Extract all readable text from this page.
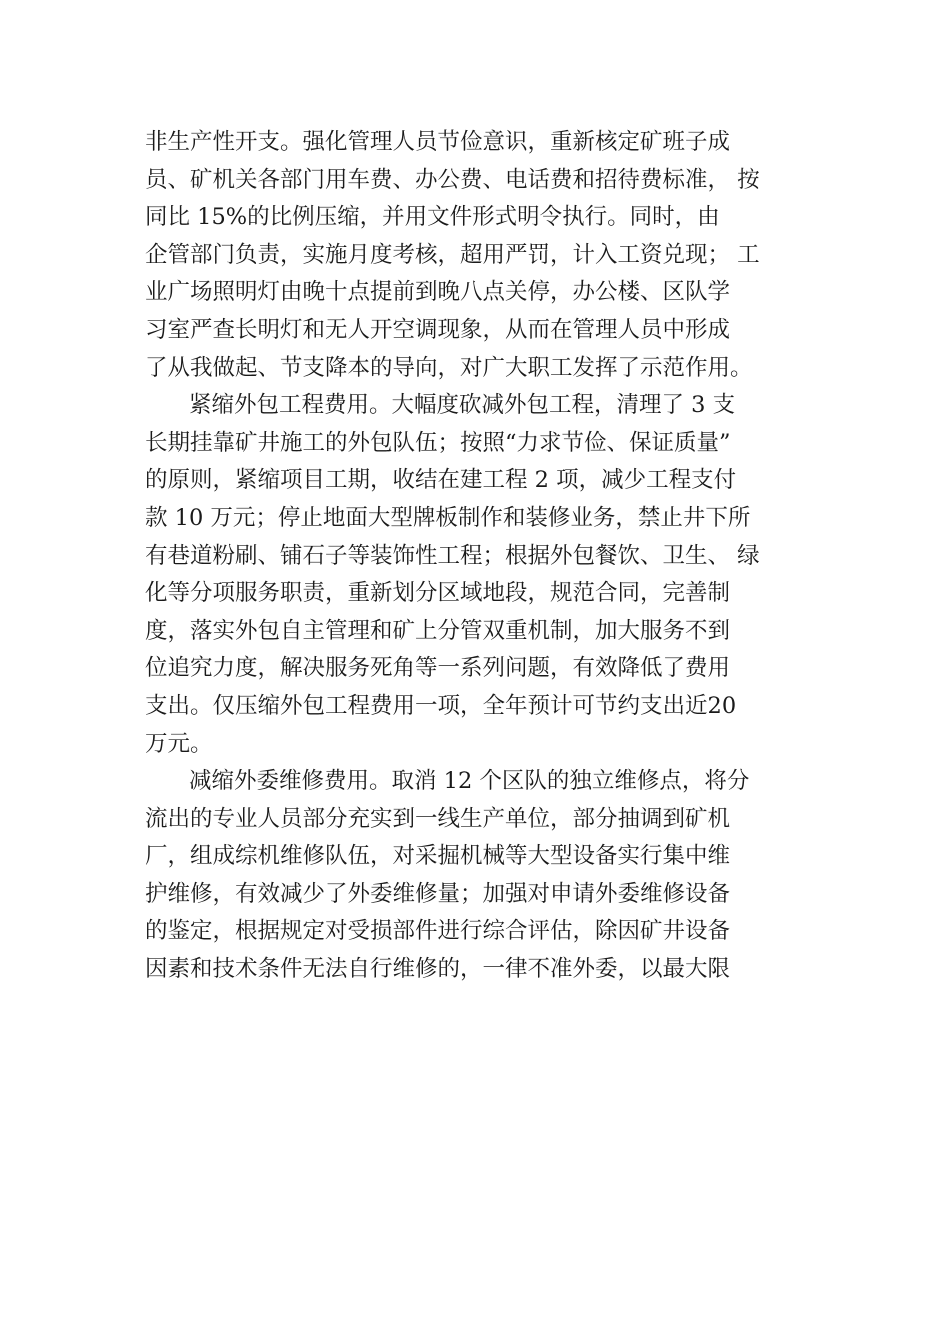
非生产性开支。强化管理人员节俭意识，重新核定矿班子成
员、矿机关各部门用车费、办公费、电话费和招待费标准， 按
同比 15%的比例压缩，并用文件形式明令执行。同时，由
企管部门负责，实施月度考核，超用严罚，计入工资兑现； 工
业广场照明灯由晚十点提前到晚八点关停，办公楼、区队学
习室严查长明灯和无人开空调现象，从而在管理人员中形成
了从我做起、节支降本的导向，对广大职工发挥了示范作用。
紧缩外包工程费用。大幅度砍减外包工程，清理了 3 支
长期挂靠矿井施工的外包队伍；按照“力求节俭、保证质量”
的原则，紧缩项目工期，收结在建工程 2 项，减少工程支付
款 10 万元；停止地面大型牌板制作和装修业务，禁止井下所
有巷道粉刷、铺石子等装饰性工程；根据外包餐饮、卫生、 绿
化等分项服务职责，重新划分区域地段，规范合同，完善制
度，落实外包自主管理和矿上分管双重机制，加大服务不到
位追究力度，解决服务死角等一系列问题，有效降低了费用
支出。仅压缩外包工程费用一项，全年预计可节约支出近20
万元。
减缩外委维修费用。取消 12 个区队的独立维修点，将分
流出的专业人员部分充实到一线生产单位，部分抽调到矿机
厂，组成综机维修队伍，对采掘机械等大型设备实行集中维
护维修，有效减少了外委维修量；加强对申请外委维修设备
的鉴定，根据规定对受损部件进行综合评估，除因矿井设备
因素和技术条件无法自行维修的，一律不准外委，以最大限
